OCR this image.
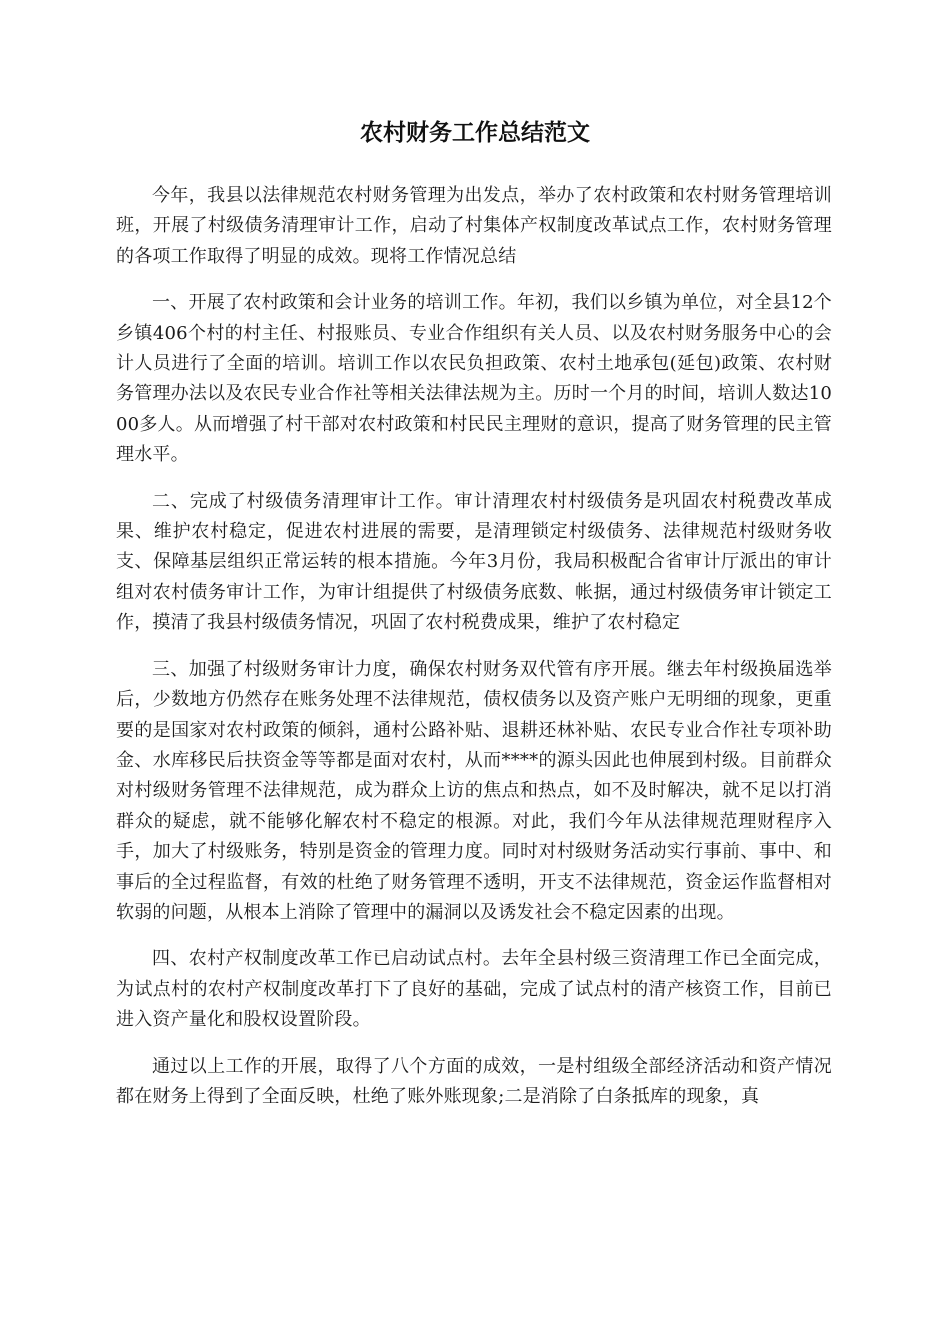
农村财务工作总结范文

今年，我县以法律规范农村财务管理为出发点，举办了农村政策和农村财务管理培训班，开展了村级债务清理审计工作，启动了村集体产权制度改革试点工作，农村财务管理的各项工作取得了明显的成效。现将工作情况总结

一、开展了农村政策和会计业务的培训工作。年初，我们以乡镇为单位，对全县12个乡镇406个村的村主任、村报账员、专业合作组织有关人员、以及农村财务服务中心的会计人员进行了全面的培训。培训工作以农民负担政策、农村土地承包(延包)政策、农村财务管理办法以及农民专业合作社等相关法律法规为主。历时一个月的时间，培训人数达1000多人。从而增强了村干部对农村政策和村民民主理财的意识，提高了财务管理的民主管理水平。

二、完成了村级债务清理审计工作。审计清理农村村级债务是巩固农村税费改革成果、维护农村稳定，促进农村进展的需要，是清理锁定村级债务、法律规范村级财务收支、保障基层组织正常运转的根本措施。今年3月份，我局积极配合省审计厅派出的审计组对农村债务审计工作，为审计组提供了村级债务底数、帐据，通过村级债务审计锁定工作，摸清了我县村级债务情况，巩固了农村税费成果，维护了农村稳定

三、加强了村级财务审计力度，确保农村财务双代管有序开展。继去年村级换届选举后，少数地方仍然存在账务处理不法律规范，债权债务以及资产账户无明细的现象，更重要的是国家对农村政策的倾斜，通村公路补贴、退耕还林补贴、农民专业合作社专项补助金、水库移民后扶资金等等都是面对农村，从而****的源头因此也伸展到村级。目前群众对村级财务管理不法律规范，成为群众上访的焦点和热点，如不及时解决，就不足以打消群众的疑虑，就不能够化解农村不稳定的根源。对此，我们今年从法律规范理财程序入手，加大了村级账务，特别是资金的管理力度。同时对村级财务活动实行事前、事中、和事后的全过程监督，有效的杜绝了财务管理不透明，开支不法律规范，资金运作监督相对软弱的问题，从根本上消除了管理中的漏洞以及诱发社会不稳定因素的出现。

四、农村产权制度改革工作已启动试点村。去年全县村级三资清理工作已全面完成，为试点村的农村产权制度改革打下了良好的基础，完成了试点村的清产核资工作，目前已进入资产量化和股权设置阶段。

通过以上工作的开展，取得了八个方面的成效，一是村组级全部经济活动和资产情况都在财务上得到了全面反映，杜绝了账外账现象;二是消除了白条抵库的现象，真
